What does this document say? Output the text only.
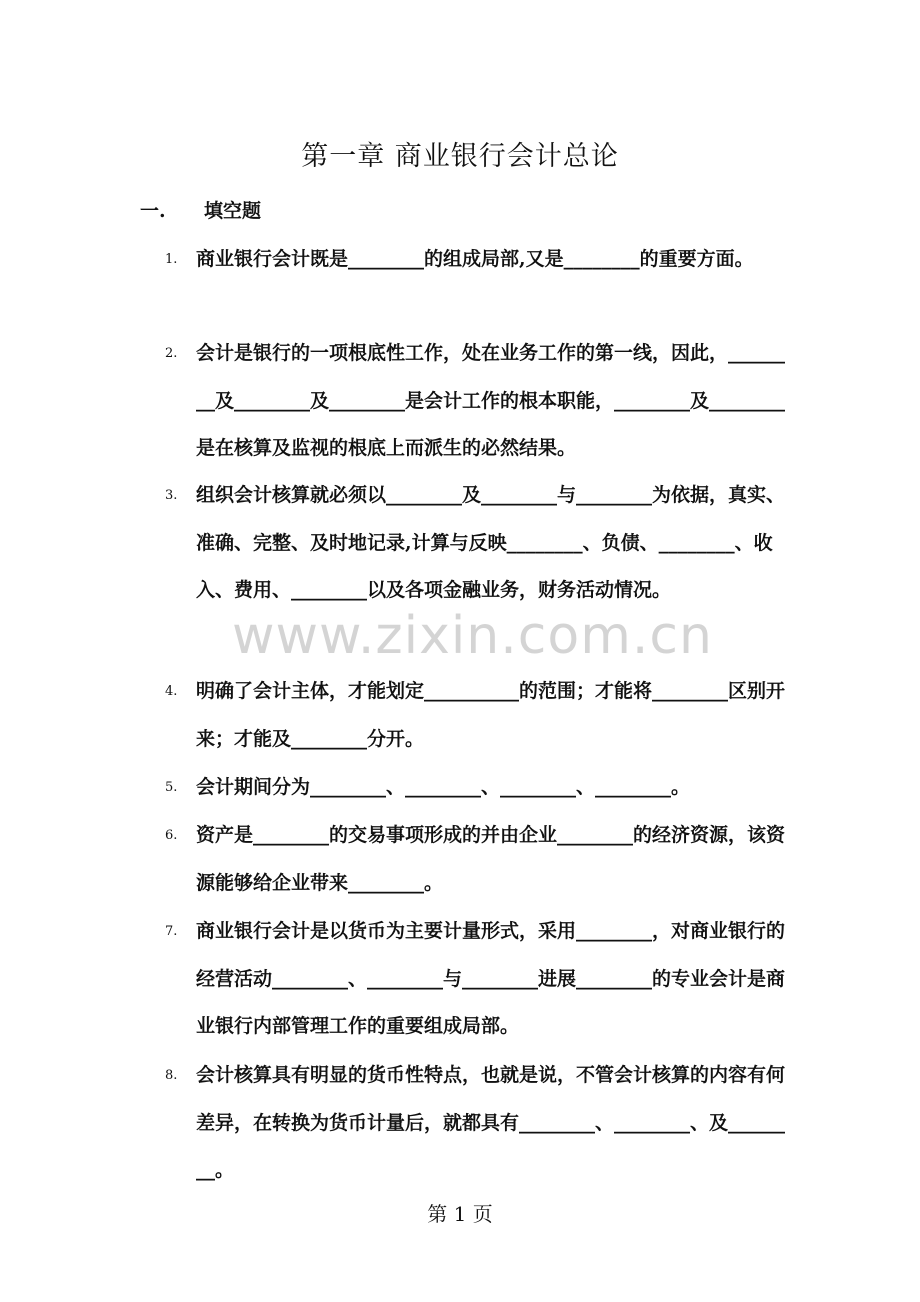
第一章 商业银行会计总论
一. 填空题
1. 商业银行会计既是________的组成局部,又是________的重要方面。
2. 会计是银行的一项根底性工作，处在业务工作的第一线，因此，________及________及________是会计工作的根本职能，________及________是在核算及监视的根底上而派生的必然结果。
3. 组织会计核算就必须以________及________与________为依据，真实、准确、完整、及时地记录,计算与反映________、负债、________、收入、费用、________以及各项金融业务，财务活动情况。
4. 明确了会计主体，才能划定__________的范围；才能将________区别开来；才能及________分开。
5. 会计期间分为________、________、________、________。
6. 资产是________的交易事项形成的并由企业________的经济资源，该资源能够给企业带来________。
7. 商业银行会计是以货币为主要计量形式，采用________，对商业银行的经营活动________、________与________进展________的专业会计是商业银行内部管理工作的重要组成局部。
8. 会计核算具有明显的货币性特点，也就是说，不管会计核算的内容有何差异，在转换为货币计量后，就都具有________、________、及________。
www.zixin.com.cn
第 1 页
